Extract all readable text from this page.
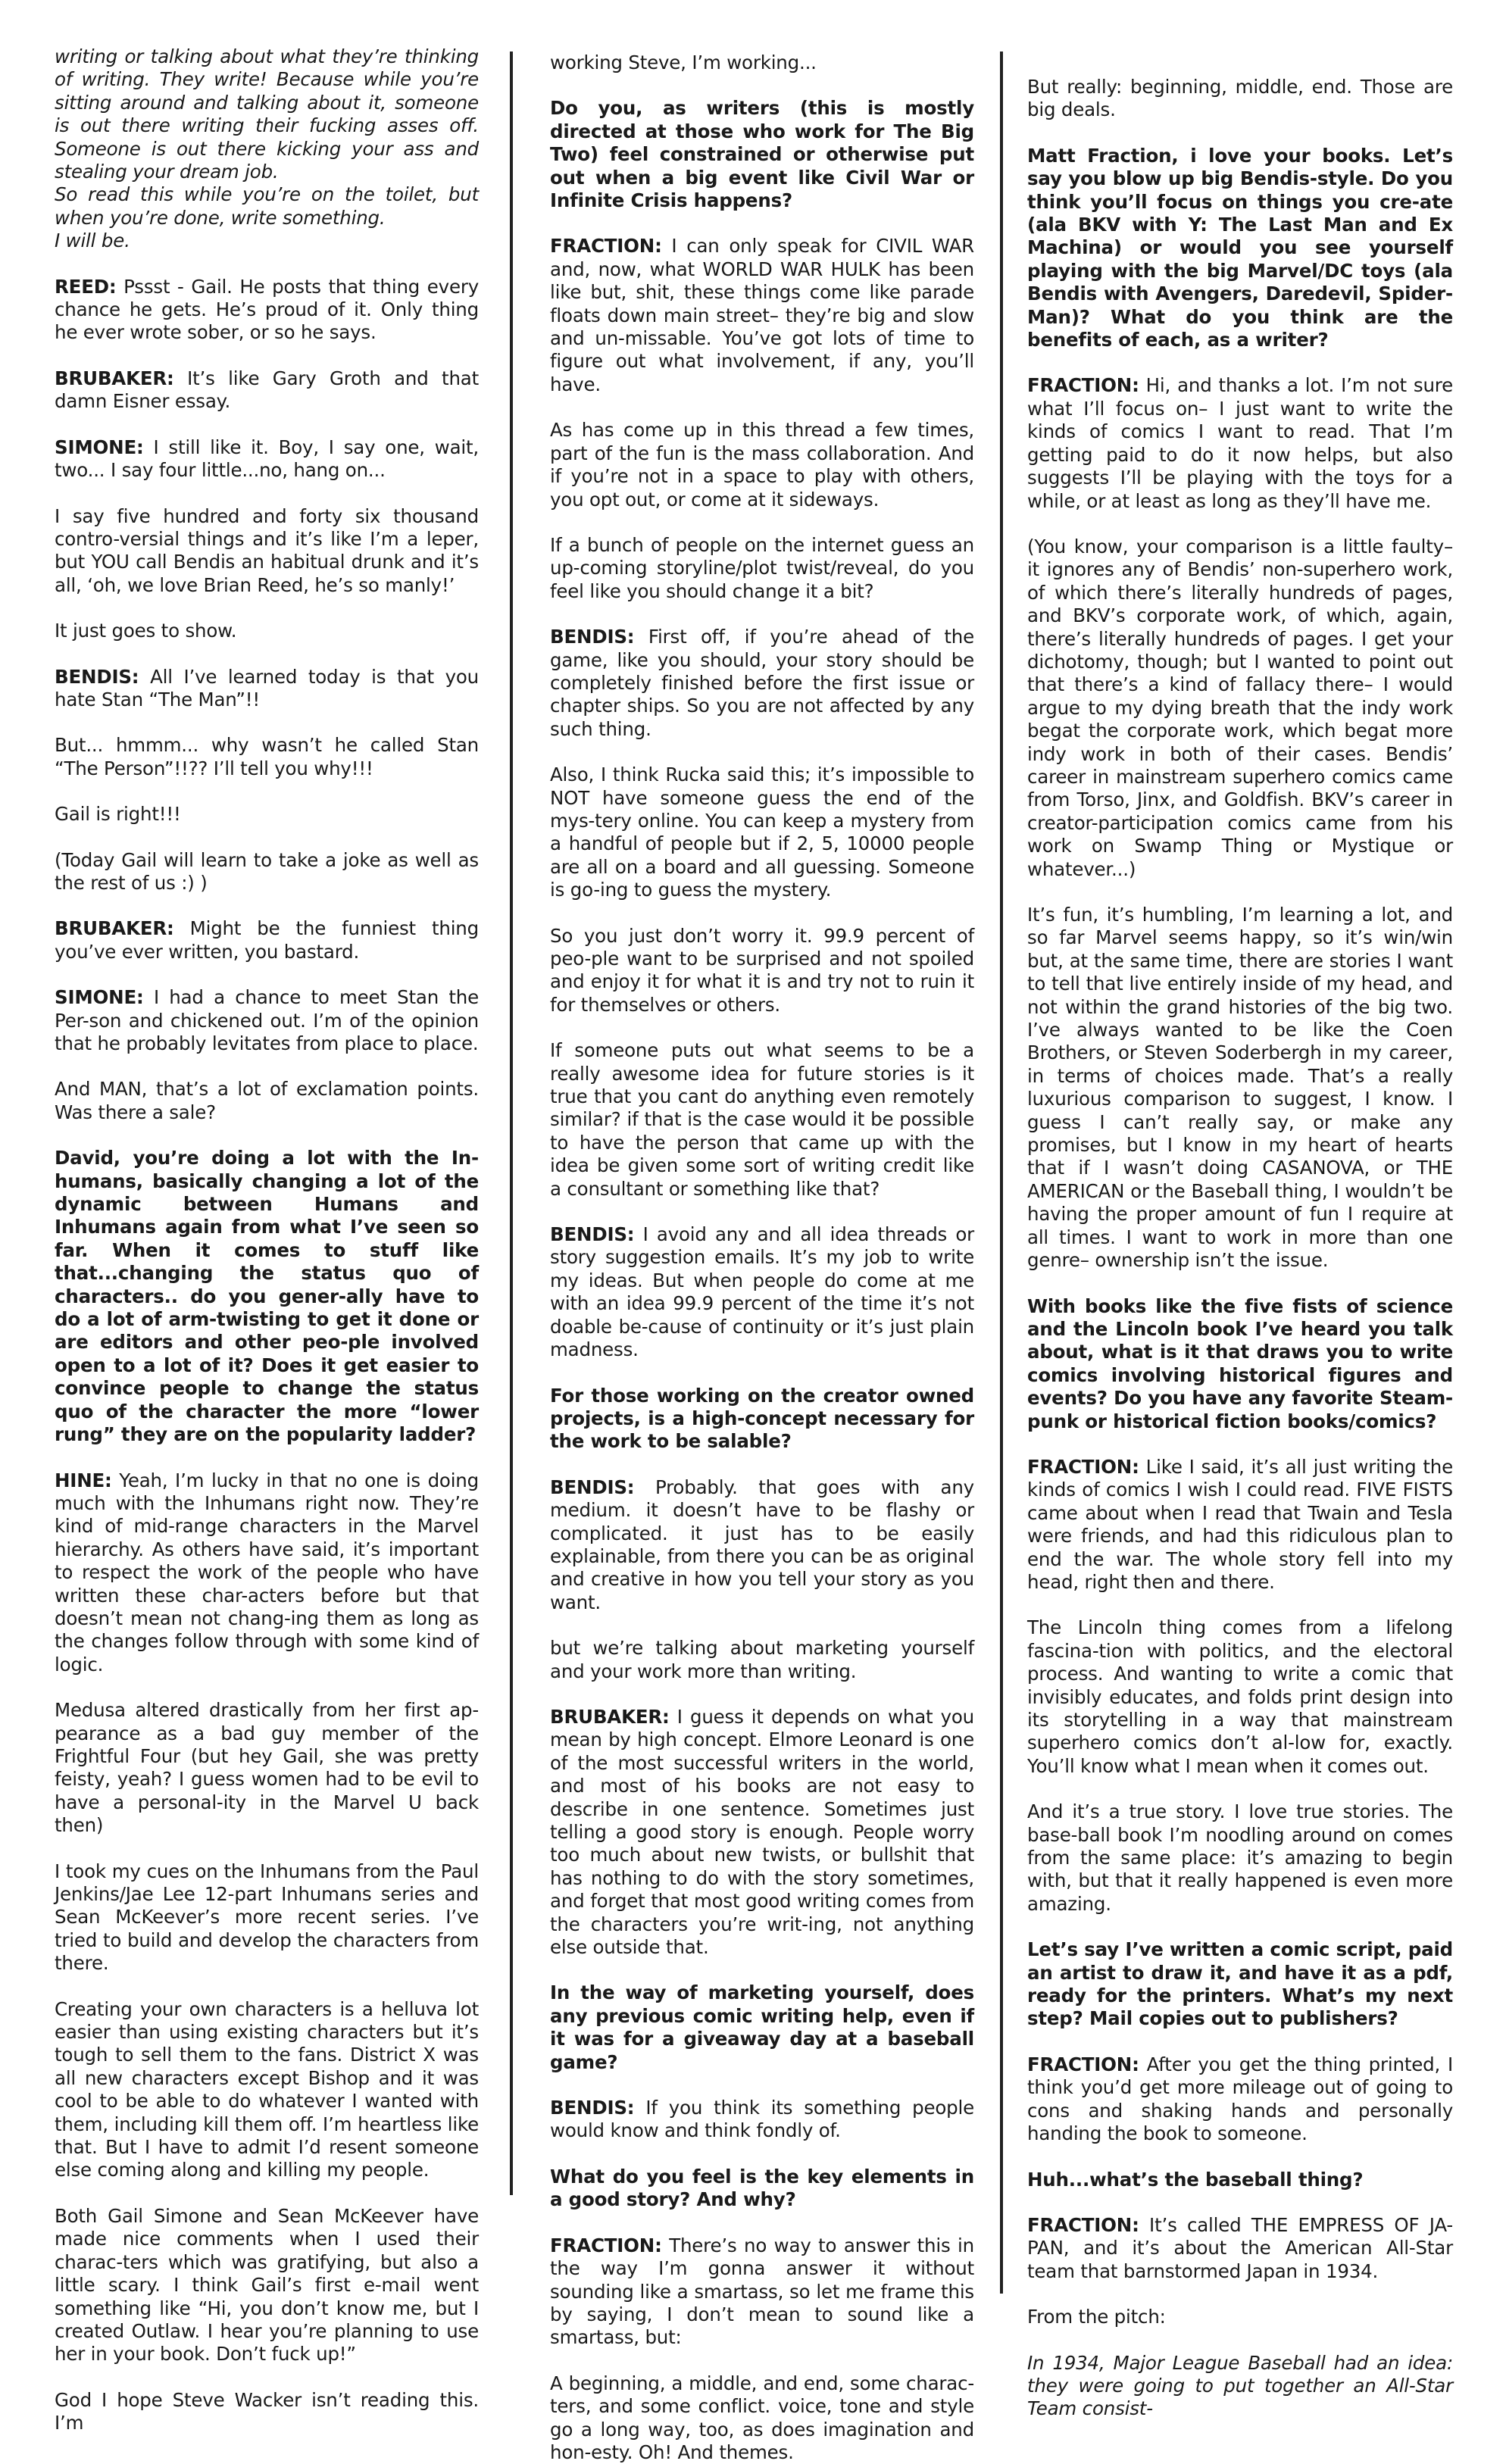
writing or talking about what they’re thinking of writing. They write! Because while you’re sitting around and talking about it, someone is out there writing their fucking asses off. Someone is out there kicking your ass and stealing your dream job.
So read this while you’re on the toilet, but when you’re done, write something.
I will be.

REED: Pssst - Gail. He posts that thing every chance he gets. He’s proud of it. Only thing he ever wrote sober, or so he says.

BRUBAKER: It’s like Gary Groth and that damn Eisner essay.

SIMONE: I still like it. Boy, I say one, wait, two... I say four little...no, hang on...

I say five hundred and forty six thousand contro-versial things and it’s like I’m a leper, but YOU call Bendis an habitual drunk and it’s all, ‘oh, we love Brian Reed, he’s so manly!’

It just goes to show.

BENDIS: All I’ve learned today is that you hate Stan “The Man”!!

But... hmmm... why wasn’t he called Stan “The Person”!!?? I’ll tell you why!!!

Gail is right!!!

(Today Gail will learn to take a joke as well as the rest of us :) )

BRUBAKER: Might be the funniest thing you’ve ever written, you bastard.

SIMONE: I had a chance to meet Stan the Per-son and chickened out. I’m of the opinion that he probably levitates from place to place.

And MAN, that’s a lot of exclamation points. Was there a sale?

David, you’re doing a lot with the In-humans, basically changing a lot of the dynamic between Humans and Inhumans again from what I’ve seen so far. When it comes to stuff like that...changing the status quo of characters.. do you gener-ally have to do a lot of arm-twisting to get it done or are editors and other peo-ple involved open to a lot of it? Does it get easier to convince people to change the status quo of the character the more “lower rung” they are on the popularity ladder?

HINE: Yeah, I’m lucky in that no one is doing much with the Inhumans right now. They’re kind of mid-range characters in the Marvel hierarchy. As others have said, it’s important to respect the work of the people who have written these char-acters before but that doesn’t mean not chang-ing them as long as the changes follow through with some kind of logic.

Medusa altered drastically from her first ap-pearance as a bad guy member of the Frightful Four (but hey Gail, she was pretty feisty, yeah? I guess women had to be evil to have a personal-ity in the Marvel U back then)

I took my cues on the Inhumans from the Paul Jenkins/Jae Lee 12-part Inhumans series and Sean McKeever’s more recent series. I’ve tried to build and develop the characters from there.

Creating your own characters is a helluva lot easier than using existing characters but it’s tough to sell them to the fans. District X was all new characters except Bishop and it was cool to be able to do whatever I wanted with them, including kill them off. I’m heartless like that. But I have to admit I’d resent someone else coming along and killing my people.

Both Gail Simone and Sean McKeever have made nice comments when I used their charac-ters which was gratifying, but also a little scary. I think Gail’s first e-mail went something like “Hi, you don’t know me, but I created Outlaw. I hear you’re planning to use her in your book. Don’t fuck up!”

God I hope Steve Wacker isn’t reading this. I’m

working Steve, I’m working...

Do you, as writers (this is mostly directed at those who work for The Big Two) feel constrained or otherwise put out when a big event like Civil War or Infinite Crisis happens?

FRACTION: I can only speak for CIVIL WAR and, now, what WORLD WAR HULK has been like but, shit, these things come like parade floats down main street– they’re big and slow and un-missable. You’ve got lots of time to figure out what involvement, if any, you’ll have.

As has come up in this thread a few times, part of the fun is the mass collaboration. And if you’re not in a space to play with others, you opt out, or come at it sideways.

If a bunch of people on the internet guess an up-coming storyline/plot twist/reveal, do you feel like you should change it a bit?

BENDIS: First off, if you’re ahead of the game, like you should, your story should be completely finished before the first issue or chapter ships. So you are not affected by any such thing.

Also, I think Rucka said this; it’s impossible to NOT have someone guess the end of the mys-tery online. You can keep a mystery from a handful of people but if 2, 5, 10000 people are all on a board and all guessing. Someone is go-ing to guess the mystery.

So you just don’t worry it. 99.9 percent of peo-ple want to be surprised and not spoiled and enjoy it for what it is and try not to ruin it for themselves or others.

If someone puts out what seems to be a really awesome idea for future stories is it true that you cant do anything even remotely similar? if that is the case would it be possible to have the person that came up with the idea be given some sort of writing credit like a consultant or something like that?

BENDIS: I avoid any and all idea threads or story suggestion emails. It’s my job to write my ideas. But when people do come at me with an idea 99.9 percent of the time it’s not doable be-cause of continuity or it’s just plain madness.

For those working on the creator owned projects, is a high-concept necessary for the work to be salable?

BENDIS: Probably. that goes with any medium. it doesn’t have to be flashy or complicated. it just has to be easily explainable, from there you can be as original and creative in how you tell your story as you want.

but we’re talking about marketing yourself and your work more than writing.

BRUBAKER: I guess it depends on what you mean by high concept. Elmore Leonard is one of the most successful writers in the world, and most of his books are not easy to describe in one sentence. Sometimes just telling a good story is enough. People worry too much about new twists, or bullshit that has nothing to do with the story sometimes, and forget that most good writing comes from the characters you’re writ-ing, not anything else outside that.

In the way of marketing yourself, does any previous comic writing help, even if it was for a giveaway day at a baseball game?

BENDIS: If you think its something people would know and think fondly of.

What do you feel is the key elements in a good story? And why?

FRACTION: There’s no way to answer this in the way I’m gonna answer it without sounding like a smartass, so let me frame this by saying, I don’t mean to sound like a smartass, but:

A beginning, a middle, and end, some charac-ters, and some conflict. voice, tone and style go a long way, too, as does imagination and hon-esty. Oh! And themes.

But really: beginning, middle, end. Those are big deals.

Matt Fraction, i love your books. Let’s say you blow up big Bendis-style. Do you think you’ll focus on things you cre-ate (ala BKV with Y: The Last Man and Ex Machina) or would you see yourself playing with the big Marvel/DC toys (ala Bendis with Avengers, Daredevil, Spider-Man)? What do you think are the benefits of each, as a writer?

FRACTION: Hi, and thanks a lot. I’m not sure what I’ll focus on– I just want to write the kinds of comics I want to read. That I’m getting paid to do it now helps, but also suggests I’ll be playing with the toys for a while, or at least as long as they’ll have me.

(You know, your comparison is a little faulty– it ignores any of Bendis’ non-superhero work, of which there’s literally hundreds of pages, and BKV’s corporate work, of which, again, there’s literally hundreds of pages. I get your dichotomy, though; but I wanted to point out that there’s a kind of fallacy there– I would argue to my dying breath that the indy work begat the corporate work, which begat more indy work in both of their cases. Bendis’ career in mainstream superhero comics came from Torso, Jinx, and Goldfish. BKV’s career in creator-participation comics came from his work on Swamp Thing or Mystique or whatever...)

It’s fun, it’s humbling, I’m learning a lot, and so far Marvel seems happy, so it’s win/win but, at the same time, there are stories I want to tell that live entirely inside of my head, and not within the grand histories of the big two. I’ve always wanted to be like the Coen Brothers, or Steven Soderbergh in my career, in terms of choices made. That’s a really luxurious comparison to suggest, I know. I guess I can’t really say, or make any promises, but I know in my heart of hearts that if I wasn’t doing CASANOVA, or THE AMERICAN or the Baseball thing, I wouldn’t be having the proper amount of fun I require at all times. I want to work in more than one genre– ownership isn’t the issue.

With books like the five fists of science and the Lincoln book I’ve heard you talk about, what is it that draws you to write comics involving historical figures and events? Do you have any favorite Steam-punk or historical fiction books/comics?

FRACTION: Like I said, it’s all just writing the kinds of comics I wish I could read. FIVE FISTS came about when I read that Twain and Tesla were friends, and had this ridiculous plan to end the war. The whole story fell into my head, right then and there.

The Lincoln thing comes from a lifelong fascina-tion with politics, and the electoral process. And wanting to write a comic that invisibly educates, and folds print design into its storytelling in a way that mainstream superhero comics don’t al-low for, exactly. You’ll know what I mean when it comes out.

And it’s a true story. I love true stories. The base-ball book I’m noodling around on comes from the same place: it’s amazing to begin with, but that it really happened is even more amazing.

Let’s say I’ve written a comic script, paid an artist to draw it, and have it as a pdf, ready for the printers. What’s my next step? Mail copies out to publishers?

FRACTION: After you get the thing printed, I think you’d get more mileage out of going to cons and shaking hands and personally handing the book to someone.

Huh...what’s the baseball thing?

FRACTION: It’s called THE EMPRESS OF JA-PAN, and it’s about the American All-Star team that barnstormed Japan in 1934.

From the pitch:

In 1934, Major League Baseball had an idea: they were going to put together an All-Star Team consist-
